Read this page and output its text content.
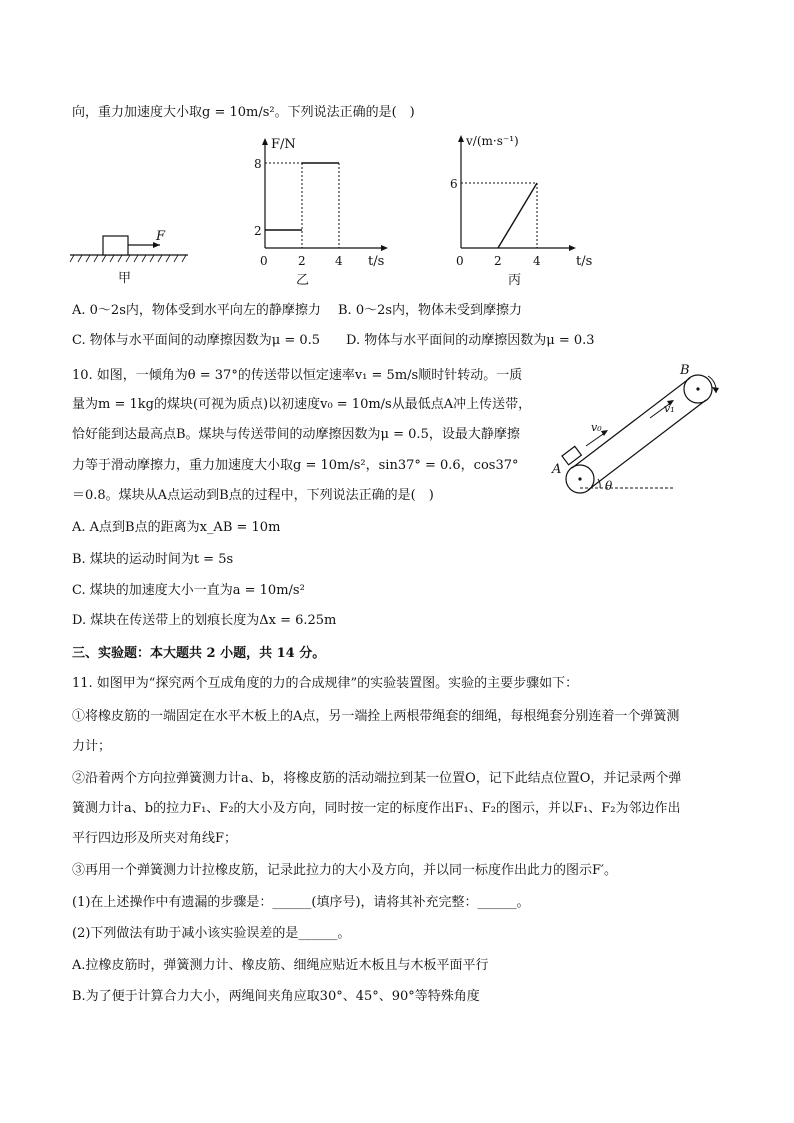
向，重力加速度大小取g = 10m/s²。下列说法正确的是(　)
F
甲
F/N
t/s
0
8
2
2 4
乙
v/(m·s⁻¹)
t/s
0
6
2	4
丙
A. 0～2s内，物体受到水平向左的静摩擦力　 B. 0～2s内，物体未受到摩擦力
C. 物体与水平面间的动摩擦因数为μ = 0.5　　D. 物体与水平面间的动摩擦因数为μ = 0.3
10. 如图，一倾角为θ = 37°的传送带以恒定速率v₁ = 5m/s顺时针转动。一质
量为m = 1kg的煤块(可视为质点)以初速度v₀ = 10m/s从最低点A冲上传送带，
恰好能到达最高点B。煤块与传送带间的动摩擦因数为μ = 0.5，设最大静摩擦
力等于滑动摩擦力，重力加速度大小取g = 10m/s²，sin37° = 0.6，cos37°
＝0.8。煤块从A点运动到B点的过程中，下列说法正确的是(　)
v₀
v₁
A
B
θ
A. A点到B点的距离为x_AB = 10m
B. 煤块的运动时间为t = 5s
C. 煤块的加速度大小一直为a = 10m/s²
D. 煤块在传送带上的划痕长度为Δx = 6.25m
三、实验题：本大题共 2 小题，共 14 分。
11. 如图甲为“探究两个互成角度的力的合成规律”的实验装置图。实验的主要步骤如下：
①将橡皮筋的一端固定在水平木板上的A点，另一端拴上两根带绳套的细绳，每根绳套分别连着一个弹簧测
力计；
②沿着两个方向拉弹簧测力计a、b，将橡皮筋的活动端拉到某一位置O，记下此结点位置O，并记录两个弹
簧测力计a、b的拉力F₁、F₂的大小及方向，同时按一定的标度作出F₁、F₂的图示，并以F₁、F₂为邻边作出
平行四边形及所夹对角线F；
③再用一个弹簧测力计拉橡皮筋，记录此拉力的大小及方向，并以同一标度作出此力的图示F′。
(1)在上述操作中有遗漏的步骤是：______(填序号)，请将其补充完整：______。
(2)下列做法有助于减小该实验误差的是______。
A.拉橡皮筋时，弹簧测力计、橡皮筋、细绳应贴近木板且与木板平面平行
B.为了便于计算合力大小，两绳间夹角应取30°、45°、90°等特殊角度
